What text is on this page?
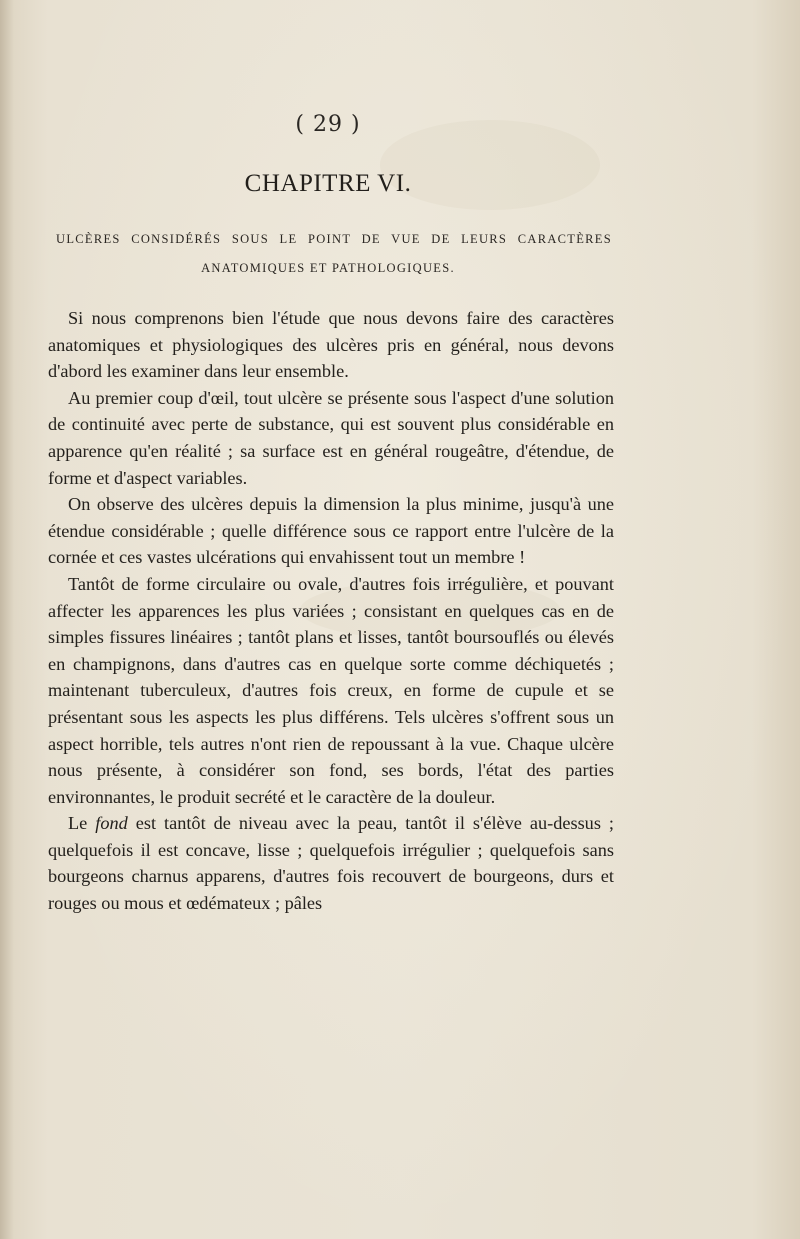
( 29 )
CHAPITRE VI.
ULCÈRES CONSIDÉRÉS SOUS LE POINT DE VUE DE LEURS CARACTÈRES
ANATOMIQUES ET PATHOLOGIQUES.

Si nous comprenons bien l'étude que nous devons faire des caractères anatomiques et physiologiques des ulcères pris en général, nous devons d'abord les examiner dans leur ensemble.

Au premier coup d'œil, tout ulcère se présente sous l'aspect d'une solution de continuité avec perte de substance, qui est souvent plus considérable en apparence qu'en réalité ; sa surface est en général rougeâtre, d'étendue, de forme et d'aspect variables.

On observe des ulcères depuis la dimension la plus minime, jusqu'à une étendue considérable ; quelle différence sous ce rapport entre l'ulcère de la cornée et ces vastes ulcérations qui envahissent tout un membre !

Tantôt de forme circulaire ou ovale, d'autres fois irrégulière, et pouvant affecter les apparences les plus variées ; consistant en quelques cas en de simples fissures linéaires ; tantôt plans et lisses, tantôt boursouflés ou élevés en champignons, dans d'autres cas en quelque sorte comme déchiquetés ; maintenant tuberculeux, d'autres fois creux, en forme de cupule et se présentant sous les aspects les plus différens. Tels ulcères s'offrent sous un aspect horrible, tels autres n'ont rien de repoussant à la vue. Chaque ulcère nous présente, à considérer son fond, ses bords, l'état des parties environnantes, le produit secrété et le caractère de la douleur.

Le fond est tantôt de niveau avec la peau, tantôt il s'élève au-dessus ; quelquefois il est concave, lisse ; quelquefois irrégulier ; quelquefois sans bourgeons charnus apparens, d'autres fois recouvert de bourgeons, durs et rouges ou mous et œdémateux ; pâles
